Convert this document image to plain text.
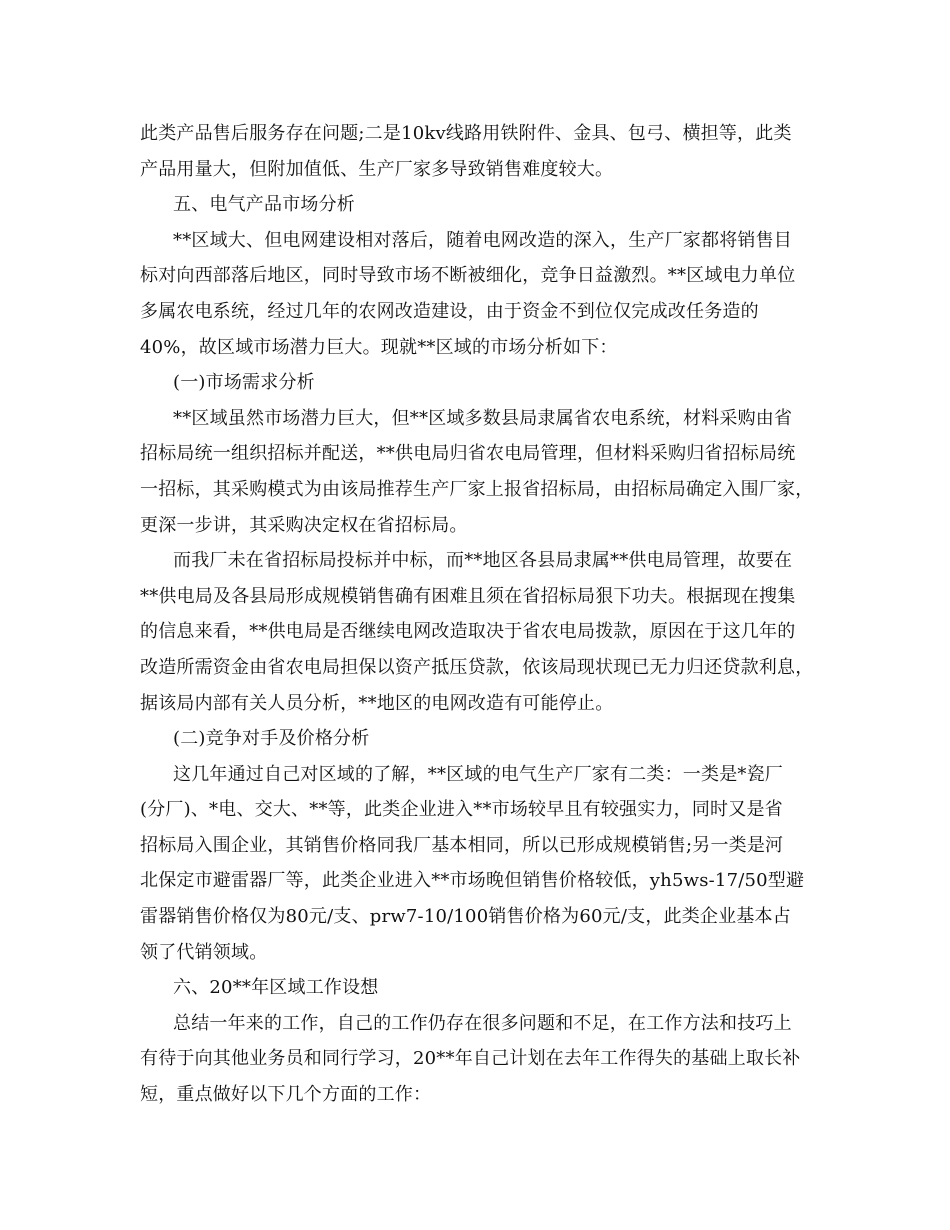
此类产品售后服务存在问题;二是10kv线路用铁附件、金具、包弓、横担等，此类
产品用量大，但附加值低、生产厂家多导致销售难度较大。
五、电气产品市场分析
**区域大、但电网建设相对落后，随着电网改造的深入，生产厂家都将销售目
标对向西部落后地区，同时导致市场不断被细化，竞争日益激烈。**区域电力单位
多属农电系统，经过几年的农网改造建设，由于资金不到位仅完成改任务造的
40%，故区域市场潜力巨大。现就**区域的市场分析如下：
(一)市场需求分析
**区域虽然市场潜力巨大，但**区域多数县局隶属省农电系统，材料采购由省
招标局统一组织招标并配送，**供电局归省农电局管理，但材料采购归省招标局统
一招标，其采购模式为由该局推荐生产厂家上报省招标局，由招标局确定入围厂家，
更深一步讲，其采购决定权在省招标局。
而我厂未在省招标局投标并中标，而**地区各县局隶属**供电局管理，故要在
**供电局及各县局形成规模销售确有困难且须在省招标局狠下功夫。根据现在搜集
的信息来看，**供电局是否继续电网改造取决于省农电局拨款，原因在于这几年的
改造所需资金由省农电局担保以资产抵压贷款，依该局现状现已无力归还贷款利息，
据该局内部有关人员分析，**地区的电网改造有可能停止。
(二)竞争对手及价格分析
这几年通过自己对区域的了解，**区域的电气生产厂家有二类：一类是*瓷厂
(分厂)、*电、交大、**等，此类企业进入**市场较早且有较强实力，同时又是省
招标局入围企业，其销售价格同我厂基本相同，所以已形成规模销售;另一类是河
北保定市避雷器厂等，此类企业进入**市场晚但销售价格较低，yh5ws-17/50型避
雷器销售价格仅为80元/支、prw7-10/100销售价格为60元/支，此类企业基本占
领了代销领域。
六、20**年区域工作设想
总结一年来的工作，自己的工作仍存在很多问题和不足，在工作方法和技巧上
有待于向其他业务员和同行学习，20**年自己计划在去年工作得失的基础上取长补
短，重点做好以下几个方面的工作：
